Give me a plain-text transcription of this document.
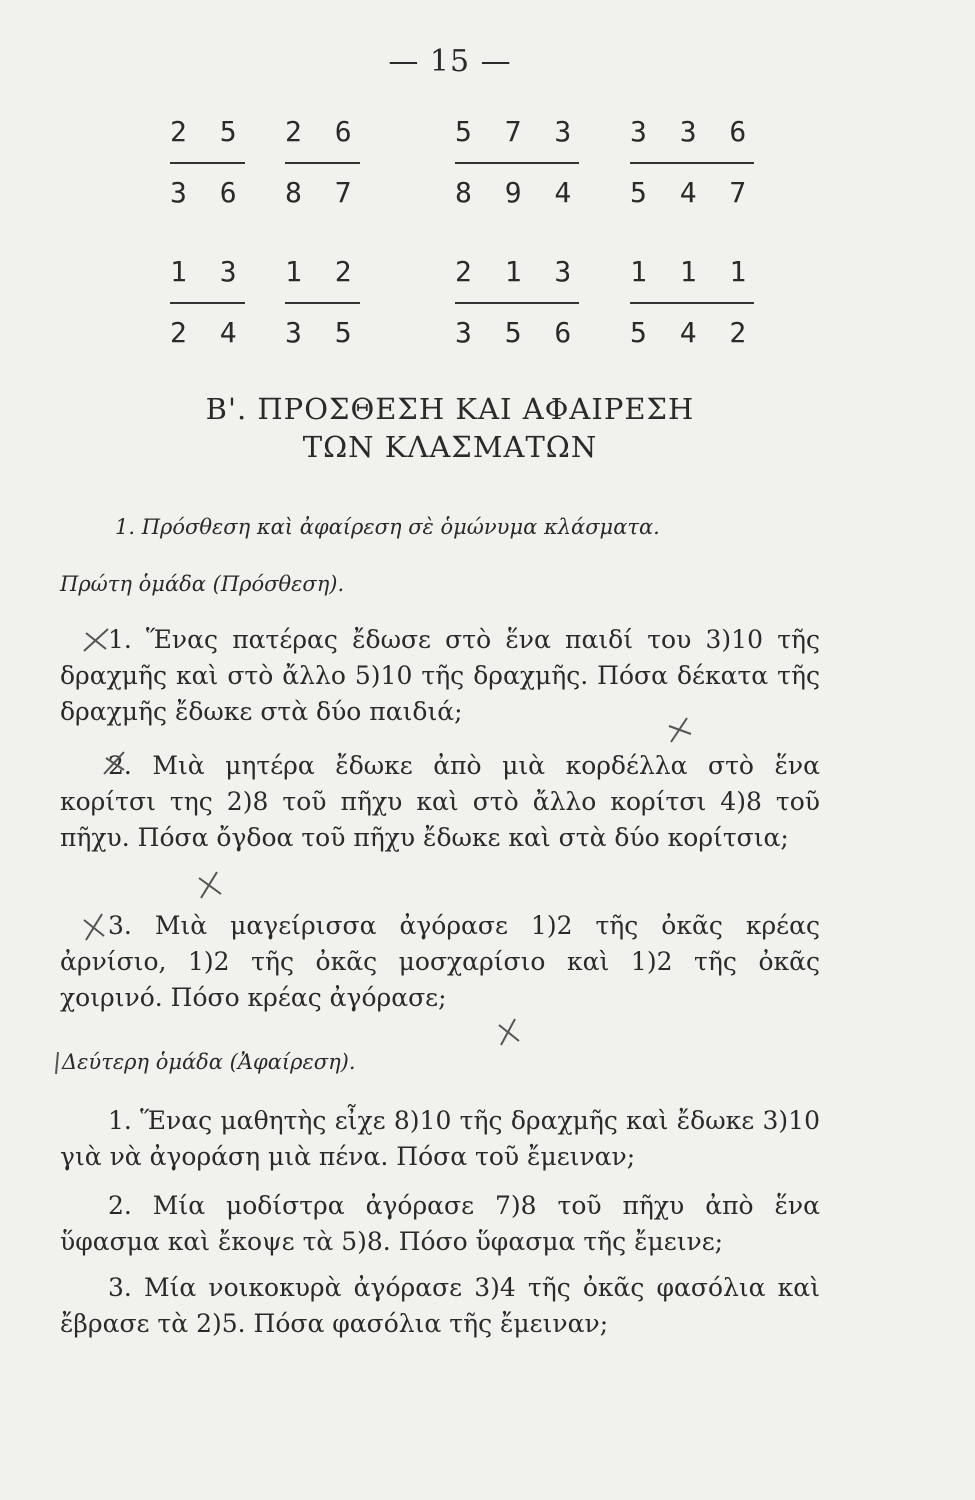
— 15 —
2 5
3 6
2 6
8 7
5 7 3
8 9 4
3 3 6
5 4 7
1 3
2 4
1 2
3 5
2 1 3
3 5 6
1 1 1
5 4 2
Β'. ΠΡΟΣΘΕΣΗ ΚΑΙ ΑΦΑΙΡΕΣΗ
ΤΩΝ ΚΛΑΣΜΑΤΩΝ
1. Πρόσθεση καὶ ἀφαίρεση σὲ ὁμώνυμα κλάσματα.
Πρώτη ὁμάδα (Πρόσθεση).
1. Ἕνας πατέρας ἔδωσε στὸ ἕνα παιδί του 3)10 τῆς δραχμῆς καὶ στὸ ἄλλο 5)10 τῆς δραχμῆς. Πόσα δέκατα τῆς δραχμῆς ἔδωκε στὰ δύο παιδιά;
2. Μιὰ μητέρα ἔδωκε ἀπὸ μιὰ κορδέλλα στὸ ἕνα κορίτσι της 2)8 τοῦ πῆχυ καὶ στὸ ἄλλο κορίτσι 4)8 τοῦ πῆχυ. Πόσα ὄγδοα τοῦ πῆχυ ἔδωκε καὶ στὰ δύο κορίτσια;
3. Μιὰ μαγείρισσα ἀγόρασε 1)2 τῆς ὀκᾶς κρέας ἀρνίσιο, 1)2 τῆς ὀκᾶς μοσχαρίσιο καὶ 1)2 τῆς ὀκᾶς χοιρινό. Πόσο κρέας ἀγόρασε;
Δεύτερη ὁμάδα (Ἀφαίρεση).
1. Ἕνας μαθητὴς εἶχε 8)10 τῆς δραχμῆς καὶ ἔδωκε 3)10 γιὰ νὰ ἀγοράση μιὰ πένα. Πόσα τοῦ ἔμειναν;
2. Μία μοδίστρα ἀγόρασε 7)8 τοῦ πῆχυ ἀπὸ ἕνα ὕφασμα καὶ ἔκοψε τὰ 5)8. Πόσο ὕφασμα τῆς ἔμεινε;
3. Μία νοικοκυρὰ ἀγόρασε 3)4 τῆς ὀκᾶς φασόλια καὶ ἔβρασε τὰ 2)5. Πόσα φασόλια τῆς ἔμειναν;
